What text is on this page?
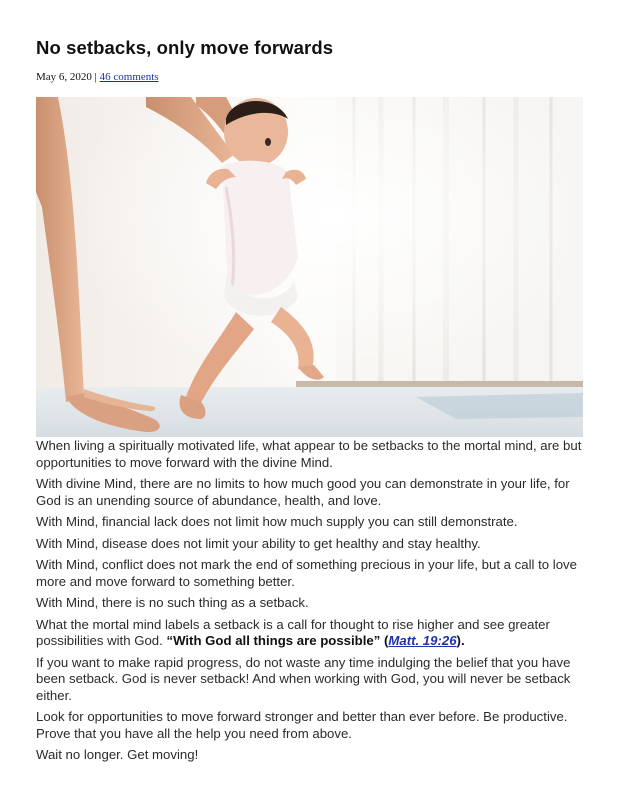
No setbacks, only move forwards
May 6, 2020 | 46 comments

When living a spiritually motivated life, what appear to be setbacks to the mortal mind, are but opportunities to move forward with the divine Mind.

With divine Mind, there are no limits to how much good you can demonstrate in your life, for God is an unending source of abundance, health, and love.

With Mind, financial lack does not limit how much supply you can still demonstrate.

With Mind, disease does not limit your ability to get healthy and stay healthy.

With Mind, conflict does not mark the end of something precious in your life, but a call to love more and move forward to something better.

With Mind, there is no such thing as a setback.

What the mortal mind labels a setback is a call for thought to rise higher and see greater possibilities with God. “With God all things are possible” (Matt. 19:26).

If you want to make rapid progress, do not waste any time indulging the belief that you have been setback. God is never setback! And when working with God, you will never be setback either.

Look for opportunities to move forward stronger and better than ever before. Be productive. Prove that you have all the help you need from above.

Wait no longer. Get moving!
